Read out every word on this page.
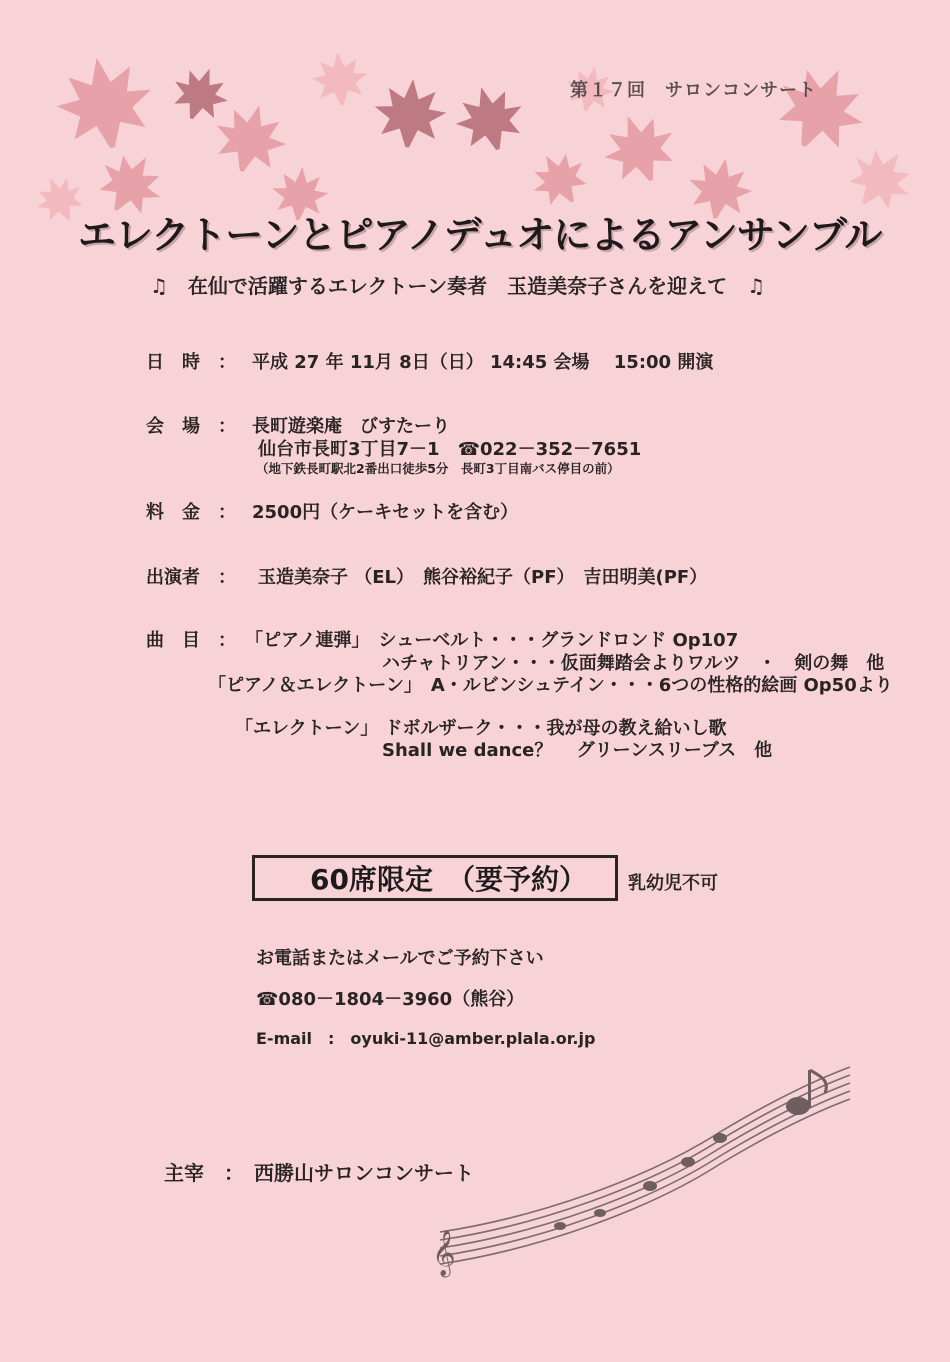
第１７回　サロンコンサート
エレクトーンとピアノデュオによるアンサンブル
♫　在仙で活躍するエレクトーン奏者　玉造美奈子さんを迎えて　♫
日　時　： 平成 27 年 11月 8日（日） 14:45 会場　 15:00 開演
会　場　： 長町遊楽庵　びすたーり
仙台市長町3丁目7－1　☎022－352－7651
（地下鉄長町駅北2番出口徒歩5分　長町3丁目南バス停目の前）
料　金　： 2500円（ケーキセットを含む）
出演者　： 玉造美奈子 （EL）　熊谷裕紀子（PF）　吉田明美(PF）
曲　目　： 「ピアノ連弾」　シューベルト・・・グランドロンド Op107
ハチャトリアン・・・仮面舞踏会よりワルツ　・　剣の舞　他
「ピアノ＆エレクトーン」　A・ルビンシュテイン・・・6つの性格的絵画 Op50より
「エレクトーン」 ドボルザーク・・・我が母の教え給いし歌
Shall we dance？　 グリーンスリーブス　他
60席限定　（要予約） 乳幼児不可
お電話またはメールでご予約下さい
☎080－1804－3960（熊谷）
E-mail　:　oyuki-11@amber.plala.or.jp
主宰　：　西勝山サロンコンサート
𝄞
